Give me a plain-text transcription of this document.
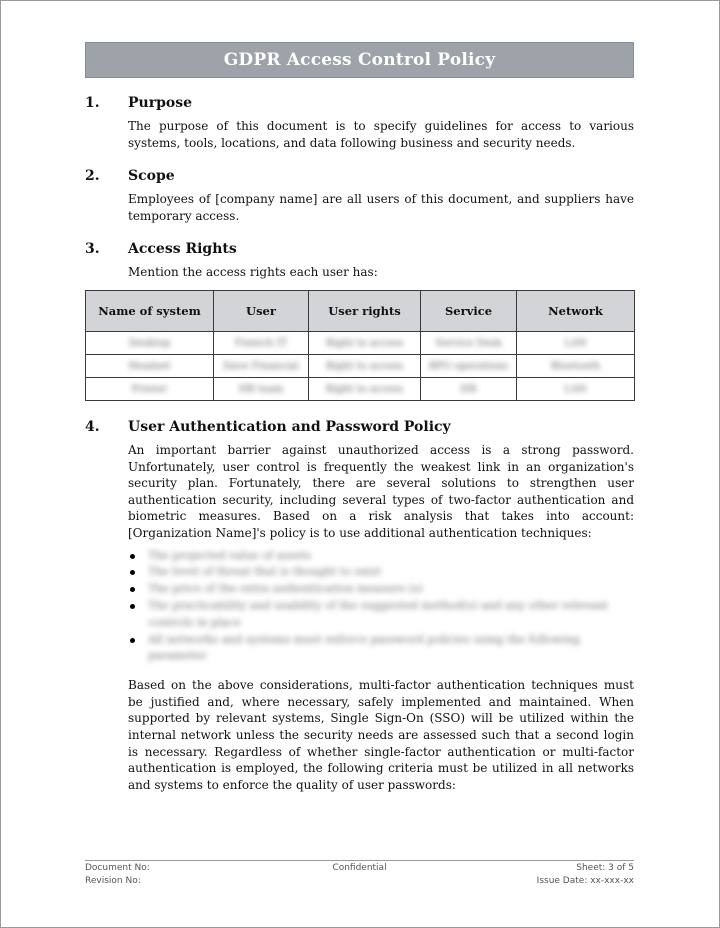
GDPR Access Control Policy
1.	Purpose
The purpose of this document is to specify guidelines for access to various systems, tools, locations, and data following business and security needs.
2.	Scope
Employees of [company name] are all users of this document, and suppliers have temporary access.
3.	Access Rights
Mention the access rights each user has:
Name of system	User	User rights	Service	Network
Desktop	Fintech IT	Right to access	Service Desk	LAN
Headset	Dave Financial	Right to access	BPO operations	Bluetooth
Printer	HR team	Right to access	HR	LAN
4.	User Authentication and Password Policy
An important barrier against unauthorized access is a strong password. Unfortunately, user control is frequently the weakest link in an organization's security plan. Fortunately, there are several solutions to strengthen user authentication security, including several types of two-factor authentication and biometric measures. Based on a risk analysis that takes into account: [Organization Name]'s policy is to use additional authentication techniques:
The projected value of assets
The level of threat that is thought to exist
The price of the extra authentication measure (s)
The practicability and usability of the suggested method(s) and any other relevant controls in place
All networks and systems must enforce password policies using the following parameter
Based on the above considerations, multi-factor authentication techniques must be justified and, where necessary, safely implemented and maintained. When supported by relevant systems, Single Sign-On (SSO) will be utilized within the internal network unless the security needs are assessed such that a second login is necessary. Regardless of whether single-factor authentication or multi-factor authentication is employed, the following criteria must be utilized in all networks and systems to enforce the quality of user passwords:
Document No:	Confidential	Sheet: 3 of 5
Revision No:	Issue Date: xx-xxx-xx
